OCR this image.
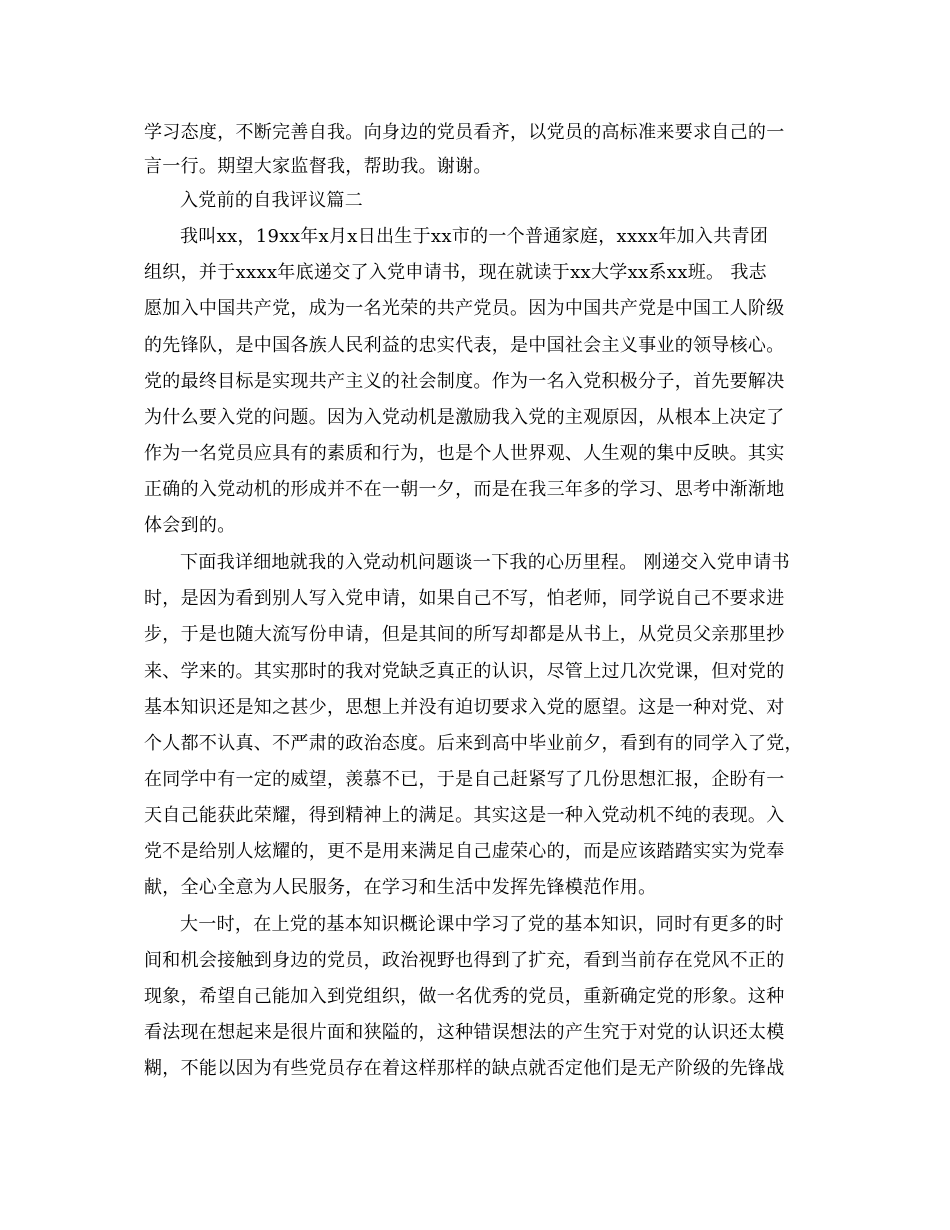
学习态度，不断完善自我。向身边的党员看齐，以党员的高标准来要求自己的一
言一行。期望大家监督我，帮助我。谢谢。
入党前的自我评议篇二
我叫xx，19xx年x月x日出生于xx市的一个普通家庭，xxxx年加入共青团
组织，并于xxxx年底递交了入党申请书，现在就读于xx大学xx系xx班。 我志
愿加入中国共产党，成为一名光荣的共产党员。因为中国共产党是中国工人阶级
的先锋队，是中国各族人民利益的忠实代表，是中国社会主义事业的领导核心。
党的最终目标是实现共产主义的社会制度。作为一名入党积极分子，首先要解决
为什么要入党的问题。因为入党动机是激励我入党的主观原因，从根本上决定了
作为一名党员应具有的素质和行为，也是个人世界观、人生观的集中反映。其实
正确的入党动机的形成并不在一朝一夕，而是在我三年多的学习、思考中渐渐地
体会到的。
下面我详细地就我的入党动机问题谈一下我的心历里程。 刚递交入党申请书
时，是因为看到别人写入党申请，如果自己不写，怕老师，同学说自己不要求进
步，于是也随大流写份申请，但是其间的所写却都是从书上，从党员父亲那里抄
来、学来的。其实那时的我对党缺乏真正的认识，尽管上过几次党课，但对党的
基本知识还是知之甚少，思想上并没有迫切要求入党的愿望。这是一种对党、对
个人都不认真、不严肃的政治态度。后来到高中毕业前夕，看到有的同学入了党，
在同学中有一定的威望，羡慕不已，于是自己赶紧写了几份思想汇报，企盼有一
天自己能获此荣耀，得到精神上的满足。其实这是一种入党动机不纯的表现。入
党不是给别人炫耀的，更不是用来满足自己虚荣心的，而是应该踏踏实实为党奉
献，全心全意为人民服务，在学习和生活中发挥先锋模范作用。
大一时，在上党的基本知识概论课中学习了党的基本知识，同时有更多的时
间和机会接触到身边的党员，政治视野也得到了扩充，看到当前存在党风不正的
现象，希望自己能加入到党组织，做一名优秀的党员，重新确定党的形象。这种
看法现在想起来是很片面和狭隘的，这种错误想法的产生究于对党的认识还太模
糊，不能以因为有些党员存在着这样那样的缺点就否定他们是无产阶级的先锋战
